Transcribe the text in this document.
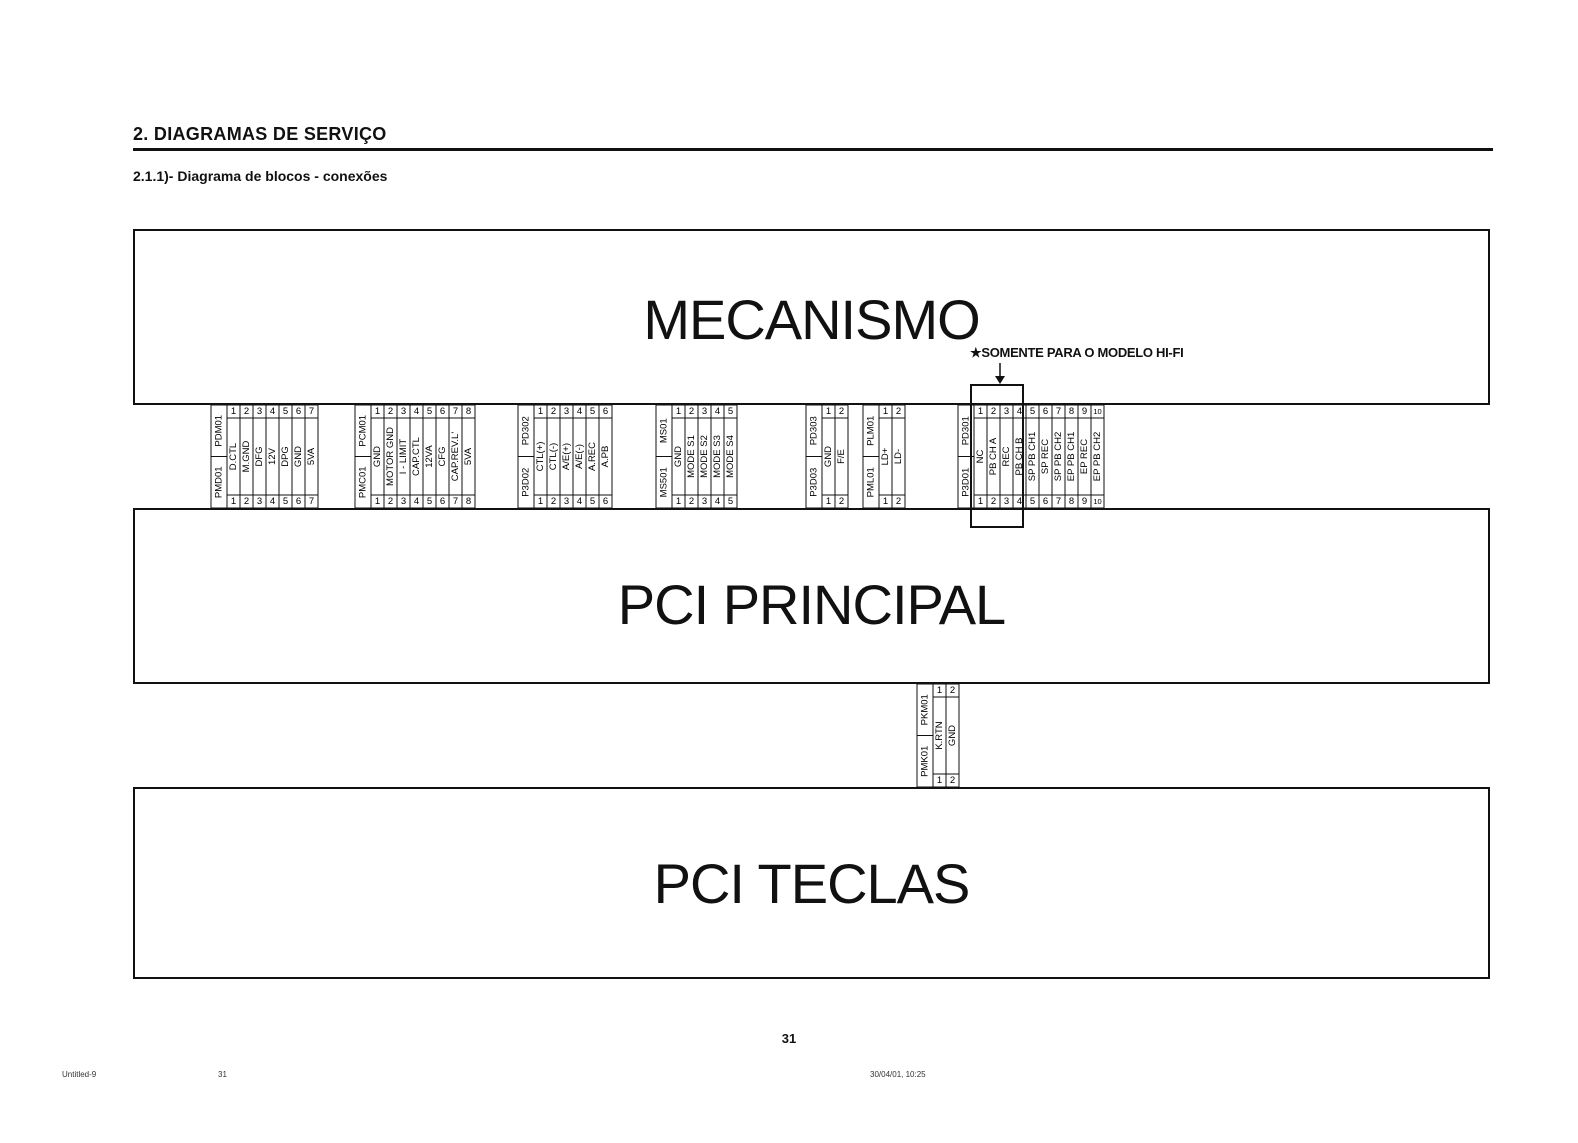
2. DIAGRAMAS DE SERVIÇO
2.1.1)- Diagrama de blocos - conexões
MECANISMO
PCI PRINCIPAL
PCI TECLAS
★SOMENTE PARA O MODELO HI-FI
PDM01
PMD01
1
1
D.CTL
2
2
M.GND
3
3
DFG
4
4
12V
5
5
DPG
6
6
GND
7
7
5VA
PCM01
PMC01
1
1
GND
2
2
MOTOR GND
3
3
I - LIMIT
4
4
CAP.CTL
5
5
12VA
6
6
CFG
7
7
CAP.REV.L'
8
8
5VA
PD302
P3D02
1
1
CTL(+)
2
2
CTL(-)
3
3
A/E(+)
4
4
A/E(-)
5
5
A.REC
6
6
A.PB
MS01
MS501
1
1
GND
2
2
MODE S1
3
3
MODE S2
4
4
MODE S3
5
5
MODE S4
PD303
P3D03
1
1
GND
2
2
F/E
PLM01
PML01
1
1
LD+
2
2
LD-
PD301
P3D01
1
1
NC
2
2
PB CH A
3
3
REC
4
4
PB CH B
5
5
SP PB CH1
6
6
SP REC
7
7
SP PB CH2
8
8
EP PB CH1
9
9
EP REC
10
10
EP PB CH2
PKM01
PMK01
1
1
K.RTN
2
2
GND
31
Untitled-9	31	30/04/01, 10:25
